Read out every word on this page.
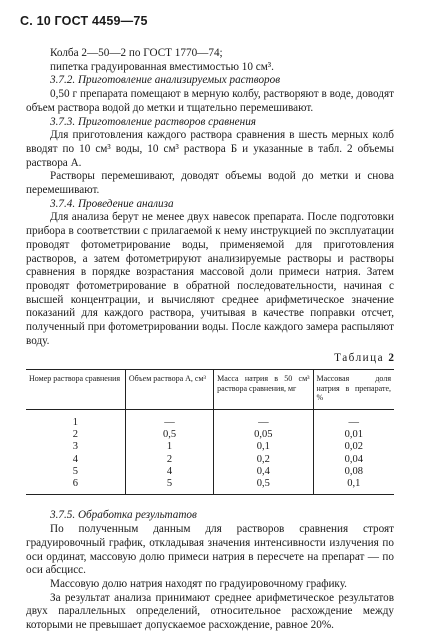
С. 10 ГОСТ 4459—75

Колба 2—50—2 по ГОСТ 1770—74;

пипетка градуированная вместимостью 10 см³.

3.7.2. Приготовление анализируемых растворов

0,50 г препарата помещают в мерную колбу, растворяют в воде, доводят объем раствора водой до метки и тщательно перемешивают.

3.7.3. Приготовление растворов сравнения

Для приготовления каждого раствора сравнения в шесть мерных колб вводят по 10 см³ воды, 10 см³ раствора Б и указанные в табл. 2 объемы раствора А.

Растворы перемешивают, доводят объемы водой до метки и снова перемешивают.

3.7.4. Проведение анализа

Для анализа берут не менее двух навесок препарата. После подготовки прибора в соответствии с прилагаемой к нему инструкцией по эксплуатации проводят фотометрирование воды, применяемой для приготовления растворов, а затем фотометрируют анализируемые растворы и растворы сравнения в порядке возрастания массовой доли примеси натрия. Затем проводят фотометрирование в обратной последовательности, начиная с высшей концентрации, и вычисляют среднее арифметическое значение показаний для каждого раствора, учитывая в качестве поправки отсчет, полученный при фотометрировании воды. После каждого замера распыляют воду.

Таблица 2
Номер раствора сравнения	Объем раствора А, см³	Масса натрия в 50 см³ раствора сравнения, мг	Массовая доля натрия в препарате, %
1	—	—	—
2	0,5	0,05	0,01
3	1	0,1	0,02
4	2	0,2	0,04
5	4	0,4	0,08
6	5	0,5	0,1

3.7.5. Обработка результатов

По полученным данным для растворов сравнения строят градуировочный график, откладывая значения интенсивности излучения по оси ординат, массовую долю примеси натрия в пересчете на препарат — по оси абсцисс.

Массовую долю натрия находят по градуировочному графику.

За результат анализа принимают среднее арифметическое результатов двух параллельных определений, относительное расхождение между которыми не превышает допускаемое расхождение, равное 20%.
